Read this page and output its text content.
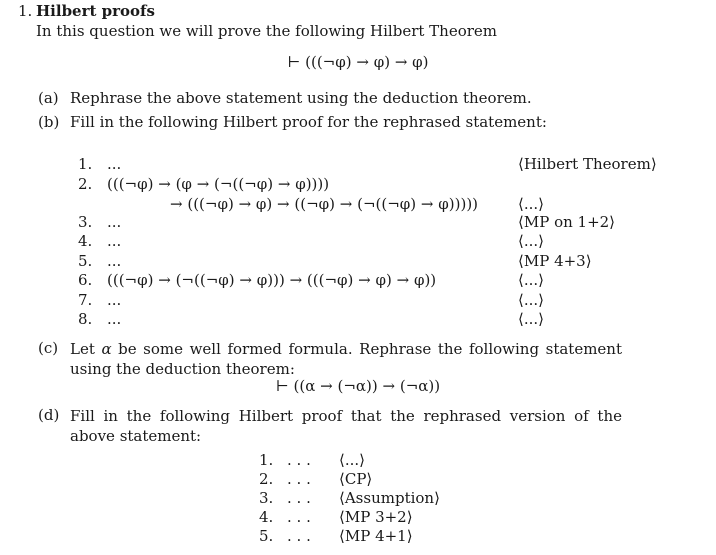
1. Hilbert proofs
In this question we will prove the following Hilbert Theorem
⊢ (((¬φ) → φ) → φ)
(a) Rephrase the above statement using the deduction theorem.
(b) Fill in the following Hilbert proof for the rephrased statement:
1. ...	⟨Hilbert Theorem⟩
2. (((¬φ) → (φ → (¬((¬φ) → φ))))
→ (((¬φ) → φ) → ((¬φ) → (¬((¬φ) → φ)))))	⟨...⟩
3. ...	⟨MP on 1+2⟩
4. ...	⟨...⟩
5. ...	⟨MP 4+3⟩
6. (((¬φ) → (¬((¬φ) → φ))) → (((¬φ) → φ) → φ))	⟨...⟩
7. ...	⟨...⟩
8. ...	⟨...⟩
(c) Let α be some well formed formula. Rephrase the following statement using the deduction theorem:
⊢ ((α → (¬α)) → (¬α))
(d) Fill in the following Hilbert proof that the rephrased version of the above statement:
1. . . . ⟨...⟩
2. . . . ⟨CP⟩
3. . . . ⟨Assumption⟩
4. . . . ⟨MP 3+2⟩
5. . . . ⟨MP 4+1⟩
